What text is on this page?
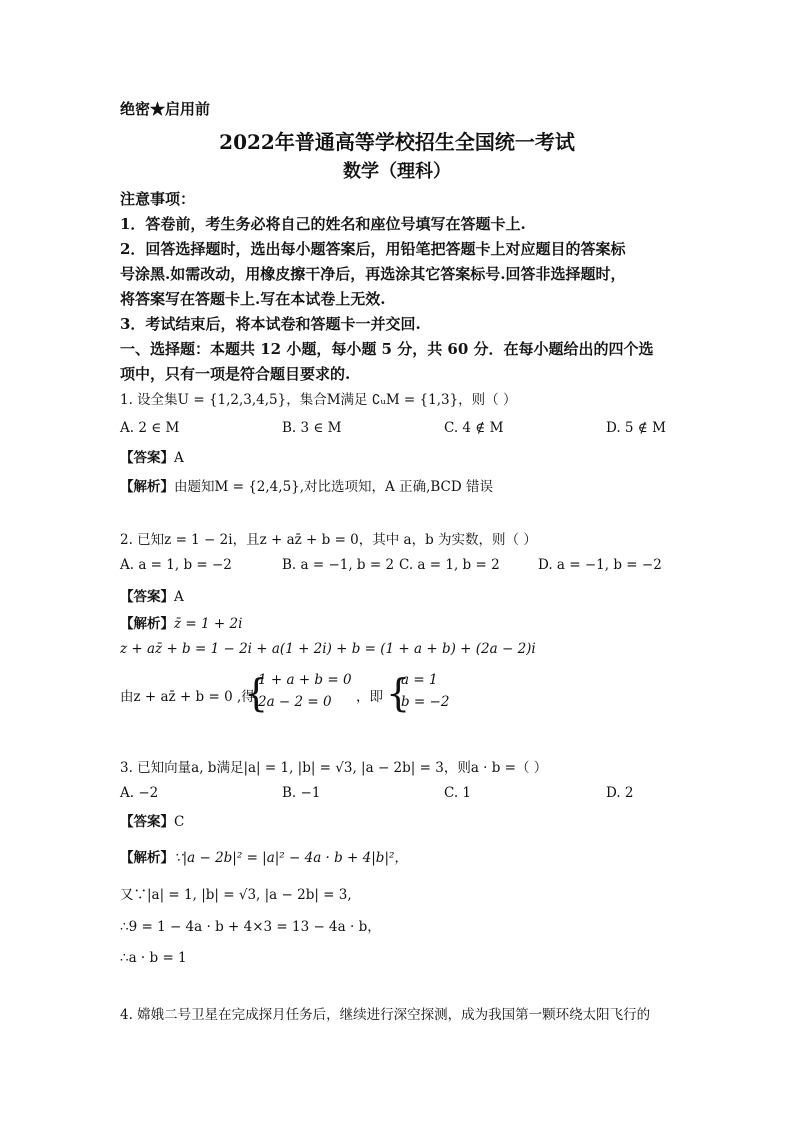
绝密★启用前
2022年普通高等学校招生全国统一考试
数学（理科）
注意事项：
1．答卷前，考生务必将自己的姓名和座位号填写在答题卡上.
2．回答选择题时，选出每小题答案后，用铅笔把答题卡上对应题目的答案标
号涂黑.如需改动，用橡皮擦干净后，再选涂其它答案标号.回答非选择题时，
将答案写在答题卡上.写在本试卷上无效.
3．考试结束后，将本试卷和答题卡一并交回.
一、选择题：本题共 12 小题，每小题 5 分，共 60 分．在每小题给出的四个选
项中，只有一项是符合题目要求的.
1. 设全集U = {1,2,3,4,5}，集合M满足 ∁ᵤM = {1,3}，则（ ）
A. 2 ∈ M	B. 3 ∈ M	C. 4 ∉ M	D. 5 ∉ M
【答案】A
【解析】由题知M = {2,4,5},对比选项知，A 正确,BCD 错误
2. 已知z = 1 − 2i，且z + az̄ + b = 0，其中 a，b 为实数，则（ ）
A. a = 1, b = −2	B. a = −1, b = 2 C. a = 1, b = 2	D. a = −1, b = −2
【答案】A
【解析】z̄ = 1 + 2i
z + az̄ + b = 1 − 2i + a(1 + 2i) + b = (1 + a + b) + (2a − 2)i
由z + az̄ + b = 0 ,得
{
1 + a + b = 0
2a − 2 = 0 ，即 {
a = 1
b = −2
3. 已知向量a, b满足|a| = 1, |b| = √3, |a − 2b| = 3，则a · b =（ ）
A. −2	B. −1	C. 1	D. 2
【答案】C
【解析】∵|a − 2b|² = |a|² − 4a · b + 4|b|²，
又∵|a| = 1, |b| = √3, |a − 2b| = 3,
∴9 = 1 − 4a · b + 4×3 = 13 − 4a · b，
∴a · b = 1
4. 嫦娥二号卫星在完成探月任务后，继续进行深空探测，成为我国第一颗环绕太阳飞行的
